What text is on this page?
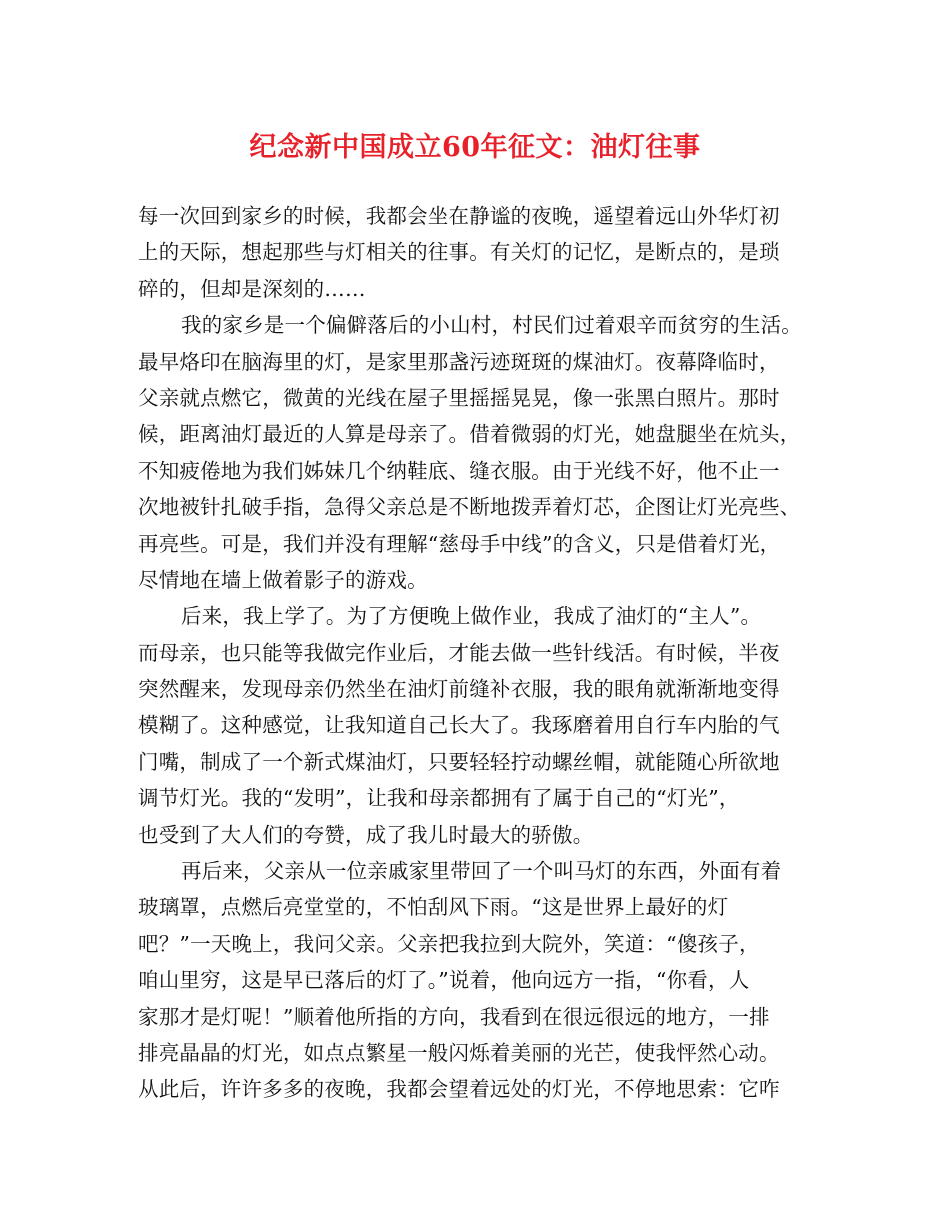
纪念新中国成立60年征文：油灯往事
每一次回到家乡的时候，我都会坐在静谧的夜晚，遥望着远山外华灯初
上的天际，想起那些与灯相关的往事。有关灯的记忆，是断点的，是琐
碎的，但却是深刻的……
我的家乡是一个偏僻落后的小山村，村民们过着艰辛而贫穷的生活。
最早烙印在脑海里的灯，是家里那盏污迹斑斑的煤油灯。夜幕降临时，
父亲就点燃它，微黄的光线在屋子里摇摇晃晃，像一张黑白照片。那时
候，距离油灯最近的人算是母亲了。借着微弱的灯光，她盘腿坐在炕头，
不知疲倦地为我们姊妹几个纳鞋底、缝衣服。由于光线不好，他不止一
次地被针扎破手指，急得父亲总是不断地拨弄着灯芯，企图让灯光亮些、
再亮些。可是，我们并没有理解“慈母手中线”的含义，只是借着灯光，
尽情地在墙上做着影子的游戏。
后来，我上学了。为了方便晚上做作业，我成了油灯的“主人”。
而母亲，也只能等我做完作业后，才能去做一些针线活。有时候，半夜
突然醒来，发现母亲仍然坐在油灯前缝补衣服，我的眼角就渐渐地变得
模糊了。这种感觉，让我知道自己长大了。我琢磨着用自行车内胎的气
门嘴，制成了一个新式煤油灯，只要轻轻拧动螺丝帽，就能随心所欲地
调节灯光。我的“发明”，让我和母亲都拥有了属于自己的“灯光”，
也受到了大人们的夸赞，成了我儿时最大的骄傲。
再后来，父亲从一位亲戚家里带回了一个叫马灯的东西，外面有着
玻璃罩，点燃后亮堂堂的，不怕刮风下雨。“这是世界上最好的灯
吧？”一天晚上，我问父亲。父亲把我拉到大院外，笑道：“傻孩子，
咱山里穷，这是早已落后的灯了。”说着，他向远方一指，“你看，人
家那才是灯呢！”顺着他所指的方向，我看到在很远很远的地方，一排
排亮晶晶的灯光，如点点繁星一般闪烁着美丽的光芒，使我怦然心动。
从此后，许许多多的夜晚，我都会望着远处的灯光，不停地思索：它咋
